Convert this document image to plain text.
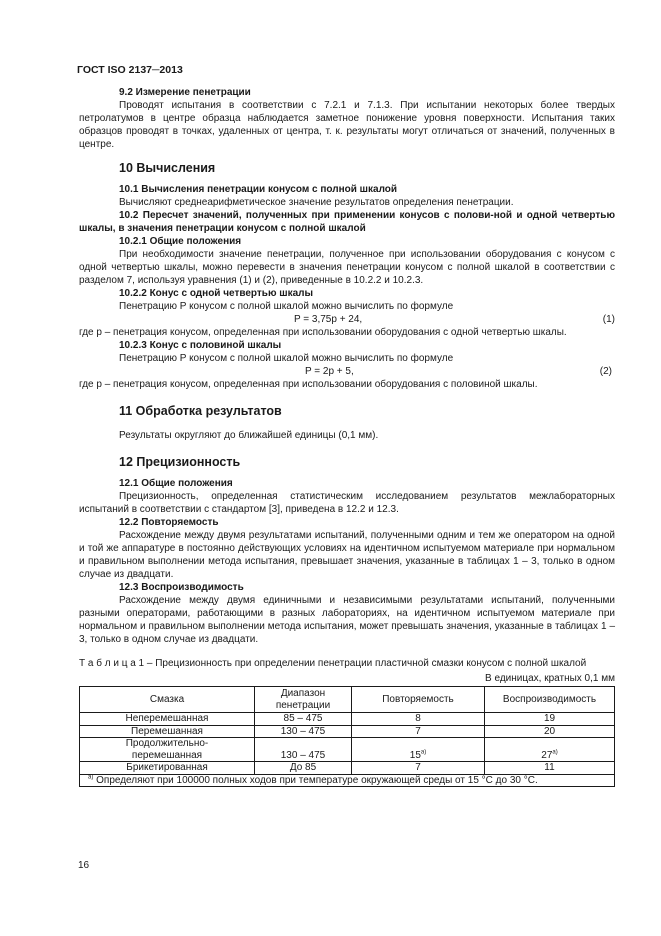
ГОСТ ISO 2137─2013
9.2 Измерение пенетрации
Проводят испытания в соответствии с 7.2.1 и 7.1.3. При испытании некоторых более твердых петролатумов в центре образца наблюдается заметное понижение уровня поверхности. Испытания таких образцов проводят в точках, удаленных от центра, т. к. результаты могут отличаться от значений, полученных в центре.
10 Вычисления
10.1 Вычисления пенетрации конусом с полной шкалой
Вычисляют среднеарифметическое значение результатов определения пенетрации.
10.2 Пересчет значений, полученных при применении конусов с полови-ной и одной четвертью шкалы, в значения пенетрации конусом с полной шкалой
10.2.1 Общие положения
При необходимости значение пенетрации, полученное при использовании оборудования с конусом с одной четвертью шкалы, можно перевести в значения пенетрации конусом с полной шкалой в соответствии с разделом 7, используя уравнения (1) и (2), приведенные в 10.2.2 и 10.2.3.
10.2.2 Конус с одной четвертью шкалы
Пенетрацию P конусом с полной шкалой можно вычислить по формуле
P = 3,75p + 24,	(1)
где p – пенетрация конусом, определенная при использовании оборудования с одной четвертью шкалы.
10.2.3 Конус с половиной шкалы
Пенетрацию P конусом с полной шкалой можно вычислить по формуле
P = 2p + 5,	(2)
где p – пенетрация конусом, определенная при использовании оборудования с половиной шкалы.
11 Обработка результатов
Результаты округляют до ближайшей единицы (0,1 мм).
12 Прецизионность
12.1 Общие положения
Прецизионность, определенная статистическим исследованием результатов межлабораторных испытаний в соответствии с стандартом [3], приведена в 12.2 и 12.3.
12.2 Повторяемость
Расхождение между двумя результатами испытаний, полученными одним и тем же оператором на одной и той же аппаратуре в постоянно действующих условиях на идентичном испытуемом материале при нормальном и правильном выполнении метода испытания, превышает значения, указанные в таблицах 1 – 3, только в одном случае из двадцати.
12.3 Воспроизводимость
Расхождение между двумя единичными и независимыми результатами испытаний, полученными разными операторами, работающими в разных лабораториях, на идентичном испытуемом материале при нормальном и правильном выполнении метода испытания, может превышать значения, указанные в таблицах 1 – 3, только в одном случае из двадцати.
Т а б л и ц а 1 – Прецизионность при определении пенетрации пластичной смазки конусом с полной шкалой
В единицах, кратных 0,1 мм
Смазка	Диапазон пенетрации	Повторяемость	Воспроизводимость
Неперемешанная	85 – 475	8	19
Перемешанная	130 – 475	7	20
Продолжительно-перемешанная	130 – 475	15$^{a)}$	27$^{a)}$
Брикетированная	До 85	7	11
$^{a)}$ Определяют при 100000 полных ходов при температуре окружающей среды от 15 °C до 30 °C.			
16
